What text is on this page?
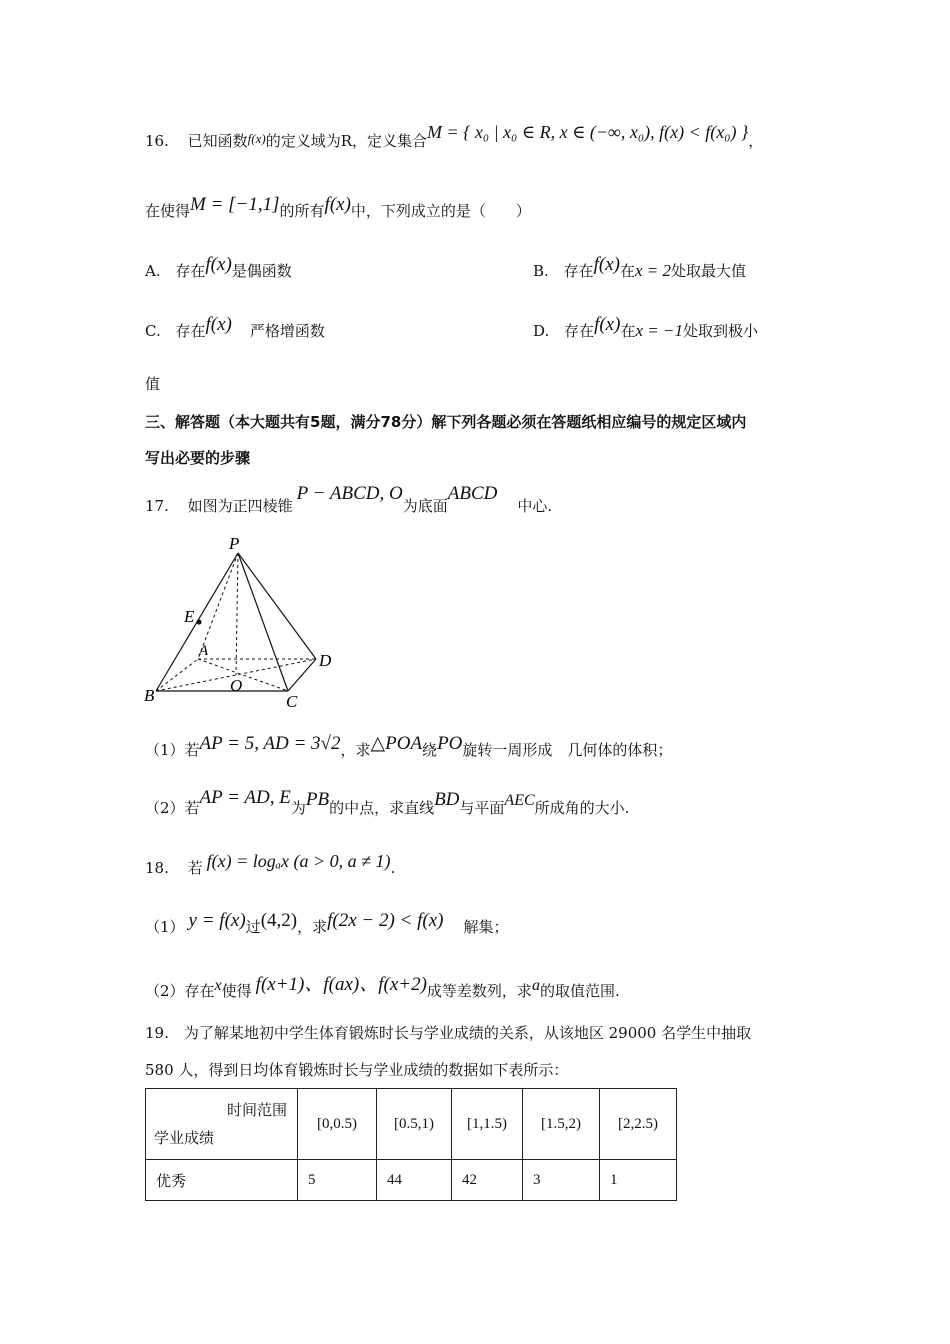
16. 已知函数f(x)的定义域为R，定义集合M = { x₀ | x₀ ∈ R, x ∈ (−∞, x₀), f(x) < f(x₀) }，
在使得M = [−1,1]的所有f(x)中，下列成立的是（　　）
A. 存在f(x)是偶函数	B. 存在f(x)在x = 2处取最大值
C. 存在f(x) 严格增函数	D. 存在f(x)在x = −1处取到极小
值
三、解答题（本大题共有5题，满分78分）解下列各题必须在答题纸相应编号的规定区域内
写出必要的步骤
17. 如图为正四棱锥P − ABCD, O为底面ABCD中心.
P
E
A	D
O
B	C
（1）若AP = 5, AD = 3√2，求△POA绕PO旋转一周形成　几何体的体积；
（2）若AP = AD, E为PB的中点，求直线BD与平面AEC所成角的大小.
18. 若 f(x) = logₐx (a > 0, a ≠ 1).
（1） y = f(x)过(4,2)，求f(2x − 2) < f(x) 解集；
（2）存在x使得 f(x+1)、f(ax)、f(x+2)成等差数列，求a的取值范围.
19.　为了解某地初中学生体育锻炼时长与学业成绩的关系，从该地区 29000 名学生中抽取
580 人，得到日均体育锻炼时长与学业成绩的数据如下表所示：
时间范围
学业成绩	[0,0.5)	[0.5,1)	[1,1.5)	[1.5,2)	[2,2.5)
优秀	5	44	42	3	1
